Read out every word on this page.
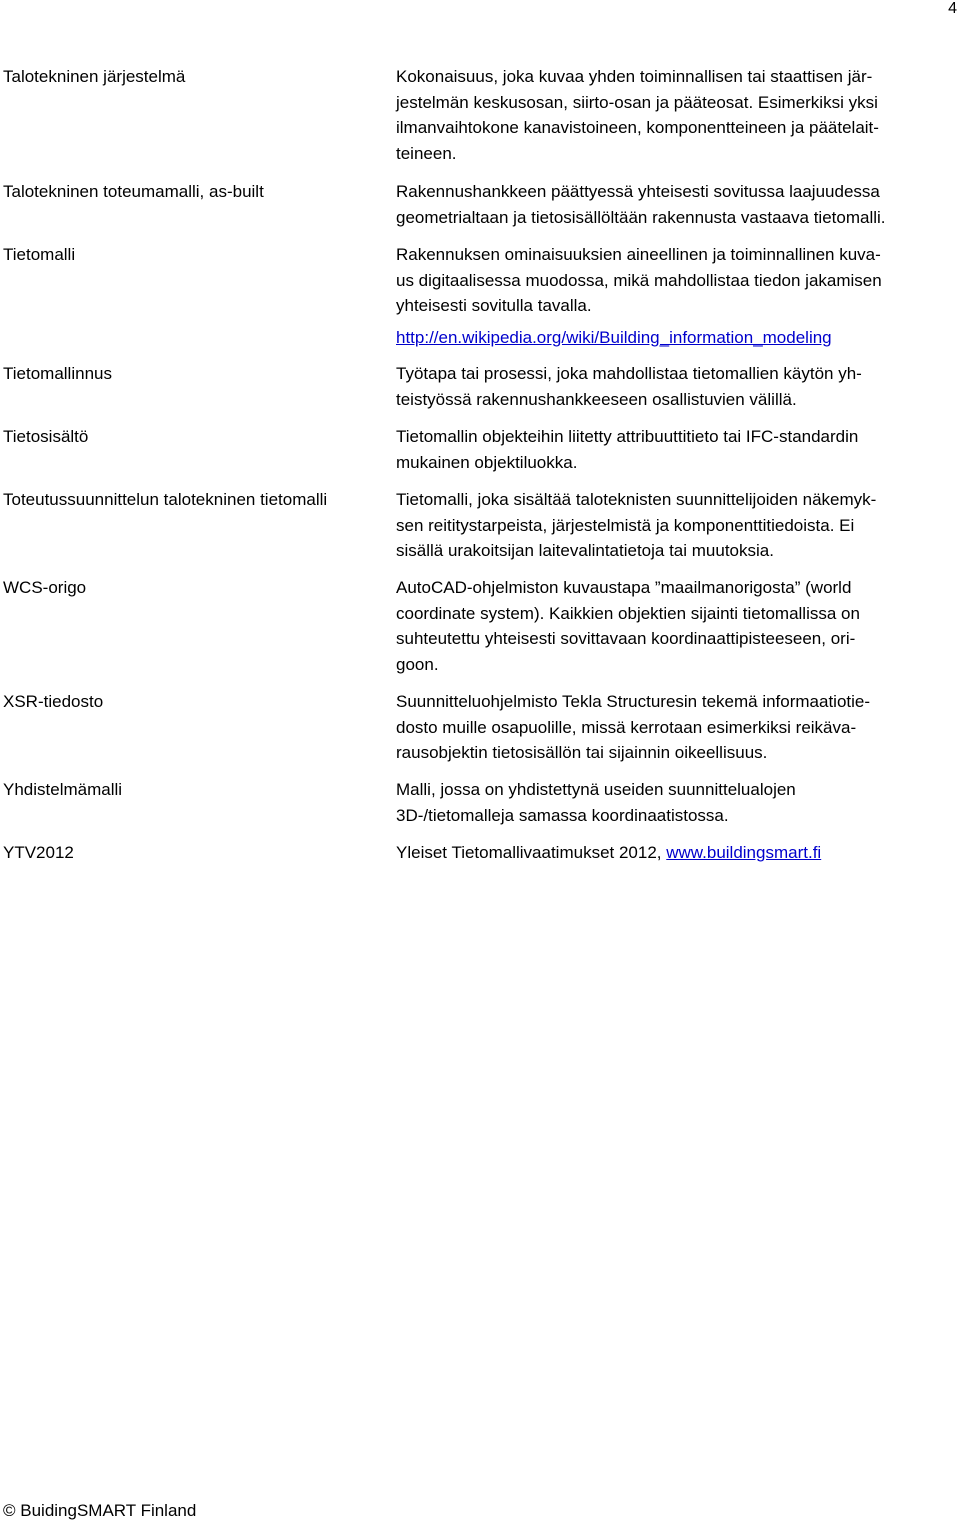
4
Talotekninen järjestelmä	Kokonaisuus, joka kuvaa yhden toiminnallisen tai staattisen jär-
jestelmän keskusosan, siirto-osan ja pääteosat. Esimerkiksi yksi
ilmanvaihtokone kanavistoineen, komponentteineen ja päätelait-
teineen.
Talotekninen toteumamalli, as-built	Rakennushankkeen päättyessä yhteisesti sovitussa laajuudessa
geometrialtaan ja tietosisällöltään rakennusta vastaava tietomalli.
Tietomalli	Rakennuksen ominaisuuksien aineellinen ja toiminnallinen kuva-
us digitaalisessa muodossa, mikä mahdollistaa tiedon jakamisen
yhteisesti sovitulla tavalla.
http://en.wikipedia.org/wiki/Building_information_modeling
Tietomallinnus	Työtapa tai prosessi, joka mahdollistaa tietomallien käytön yh-
teistyössä rakennushankkeeseen osallistuvien välillä.
Tietosisältö	Tietomallin objekteihin liitetty attribuuttitieto tai IFC-standardin
mukainen objektiluokka.
Toteutussuunnittelun talotekninen tietomalli	Tietomalli, joka sisältää taloteknisten suunnittelijoiden näkemyk-
sen reititystarpeista, järjestelmistä ja komponenttitiedoista. Ei
sisällä urakoitsijan laitevalintatietoja tai muutoksia.
WCS-origo	AutoCAD-ohjelmiston kuvaustapa ”maailmanorigosta” (world
coordinate system). Kaikkien objektien sijainti tietomallissa on
suhteutettu yhteisesti sovittavaan koordinaattipisteeseen, ori-
goon.
XSR-tiedosto	Suunnitteluohjelmisto Tekla Structuresin tekemä informaatiotie-
dosto muille osapuolille, missä kerrotaan esimerkiksi reikäva-
rausobjektin tietosisällön tai sijainnin oikeellisuus.
Yhdistelmämalli	Malli, jossa on yhdistettynä useiden suunnittelualojen
3D-/tietomalleja samassa koordinaatistossa.
YTV2012	Yleiset Tietomallivaatimukset 2012, www.buildingsmart.fi
© BuidingSMART Finland
